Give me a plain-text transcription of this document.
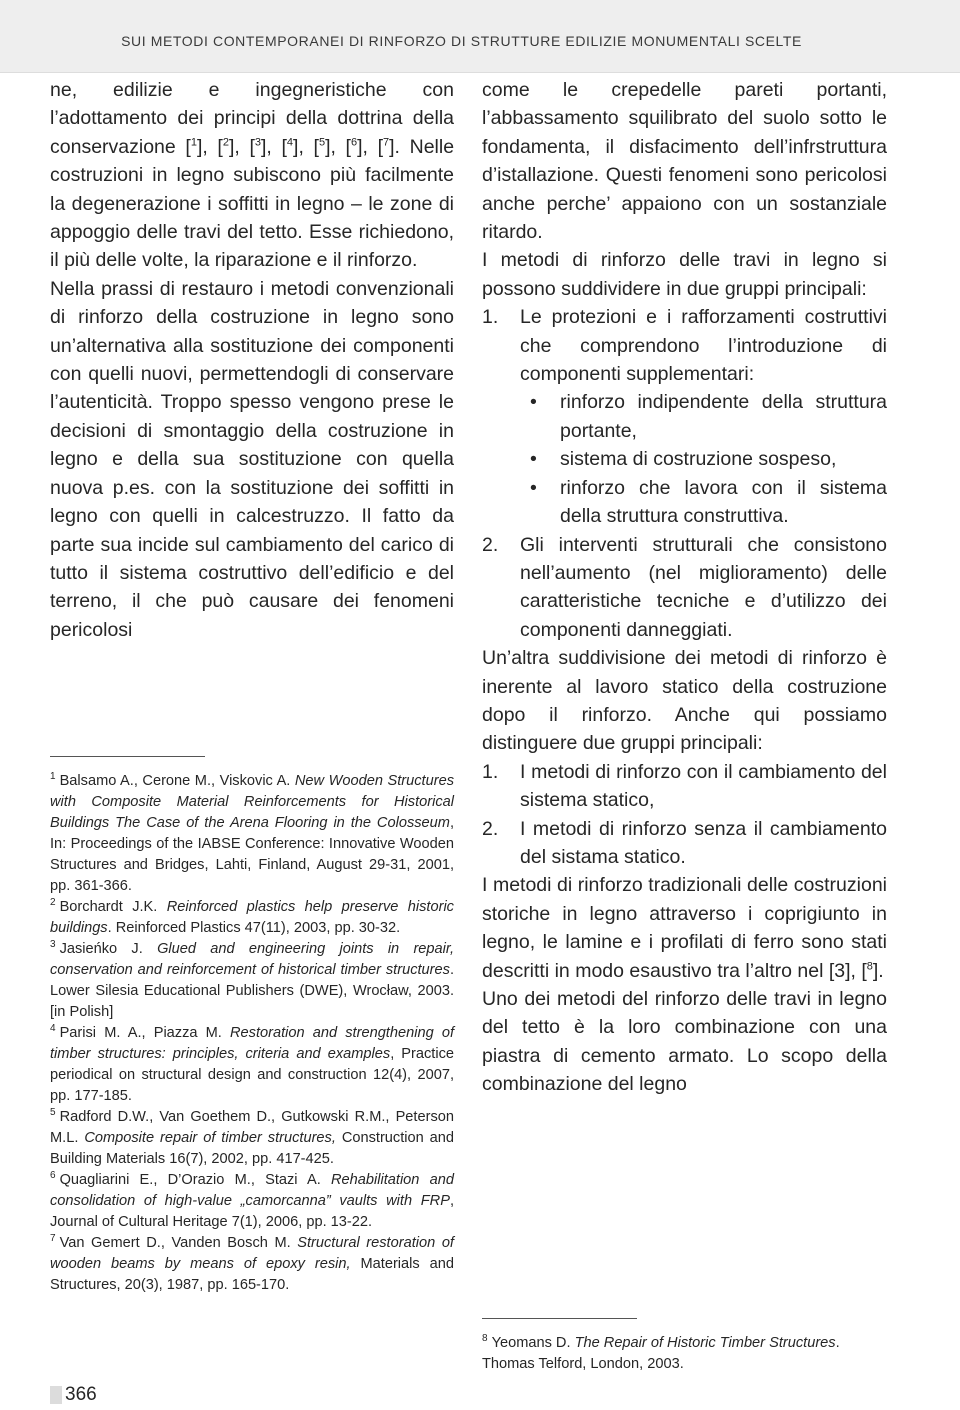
SUI METODI CONTEMPORANEI DI RINFORZO DI STRUTTURE EDILIZIE MONUMENTALI SCELTE

ne, edilizie e ingegneristiche con l’adottamento dei principi della dottrina della conservazione [$^1$], [$^2$], [$^3$], [$^4$], [$^5$], [$^6$], [$^7$]. Nelle costruzioni in legno subiscono più facilmente la degenerazione i soffitti in legno – le zone di appoggio delle travi del tetto. Esse richiedono, il più delle volte, la riparazione e il rinforzo.

Nella prassi di restauro i metodi convenzionali di rinforzo della costruzione in legno sono un’alternativa alla sostituzione dei componenti con quelli nuovi, permettendogli di conservare l’autenticità. Troppo spesso vengono prese le decisioni di smontaggio della costruzione in legno e della sua sostituzione con quella nuova p.es. con la sostituzione dei soffitti in legno con quelli in calcestruzzo. Il fatto da parte sua incide sul cambiamento del carico di tutto il sistema costruttivo dell’edificio e del terreno, il che può causare dei fenomeni pericolosi

$^1$ Balsamo A., Cerone M., Viskovic A. New Wooden Structures with Composite Material Reinforcements for Historical Buildings The Case of the Arena Flooring in the Colosseum, In: Proceedings of the IABSE Conference: Innovative Wooden Structures and Bridges, Lahti, Finland, August 29-31, 2001, pp. 361-366.

$^2$ Borchardt J.K. Reinforced plastics help preserve historic buildings. Reinforced Plastics 47(11), 2003, pp. 30-32.

$^3$ Jasieńko J. Glued and engineering joints in repair, conservation and reinforcement of historical timber structures. Lower Silesia Educational Publishers (DWE), Wrocław, 2003. [in Polish]

$^4$ Parisi M. A., Piazza M. Restoration and strengthening of timber structures: principles, criteria and examples, Practice periodical on structural design and construction 12(4), 2007, pp. 177-185.

$^5$ Radford D.W., Van Goethem D., Gutkowski R.M., Peterson M.L. Composite repair of timber structures, Construction and Building Materials 16(7), 2002, pp. 417-425.

$^6$ Quagliarini E., D’Orazio M., Stazi A. Rehabilitation and consolidation of high-value „camorcanna” vaults with FRP, Journal of Cultural Heritage 7(1), 2006, pp. 13-22.

$^7$ Van Gemert D., Vanden Bosch M. Structural restoration of wooden beams by means of epoxy resin, Materials and Structures, 20(3), 1987, pp. 165-170.

come le crepedelle pareti portanti, l’abbassamento squilibrato del suolo sotto le fondamenta, il disfacimento dell’infrstruttura d’istallazione. Questi fenomeni sono pericolosi anche perche’ appaiono con un sostanziale ritardo.

I metodi di rinforzo delle travi in legno si possono suddividere in due gruppi principali:

1. Le protezioni e i rafforzamenti costruttivi che comprendono l’introduzione di componenti supplementari:
• rinforzo indipendente della struttura portante,
• sistema di costruzione sospeso,
• rinforzo che lavora con il sistema della struttura construttiva.
2. Gli interventi strutturali che consistono nell’aumento (nel miglioramento) delle caratteristiche tecniche e d’utilizzo dei componenti danneggiati.

Un’altra suddivisione dei metodi di rinforzo è inerente al lavoro statico della costruzione dopo il rinforzo. Anche qui possiamo distinguere due gruppi principali:

1. I metodi di rinforzo con il cambiamento del sistema statico,
2. I metodi di rinforzo senza il cambiamento del sistama statico.

I metodi di rinforzo tradizionali delle costruzioni storiche in legno attraverso i coprigiunto in legno, le lamine e i profilati di ferro sono stati descritti in modo esaustivo tra l’altro nel [3], [$^8$].

Uno dei metodi del rinforzo delle travi in legno del tetto è la loro combinazione con una piastra di cemento armato. Lo scopo della combinazione del legno

$^8$ Yeomans D. The Repair of Historic Timber Structures. Thomas Telford, London, 2003.

366
